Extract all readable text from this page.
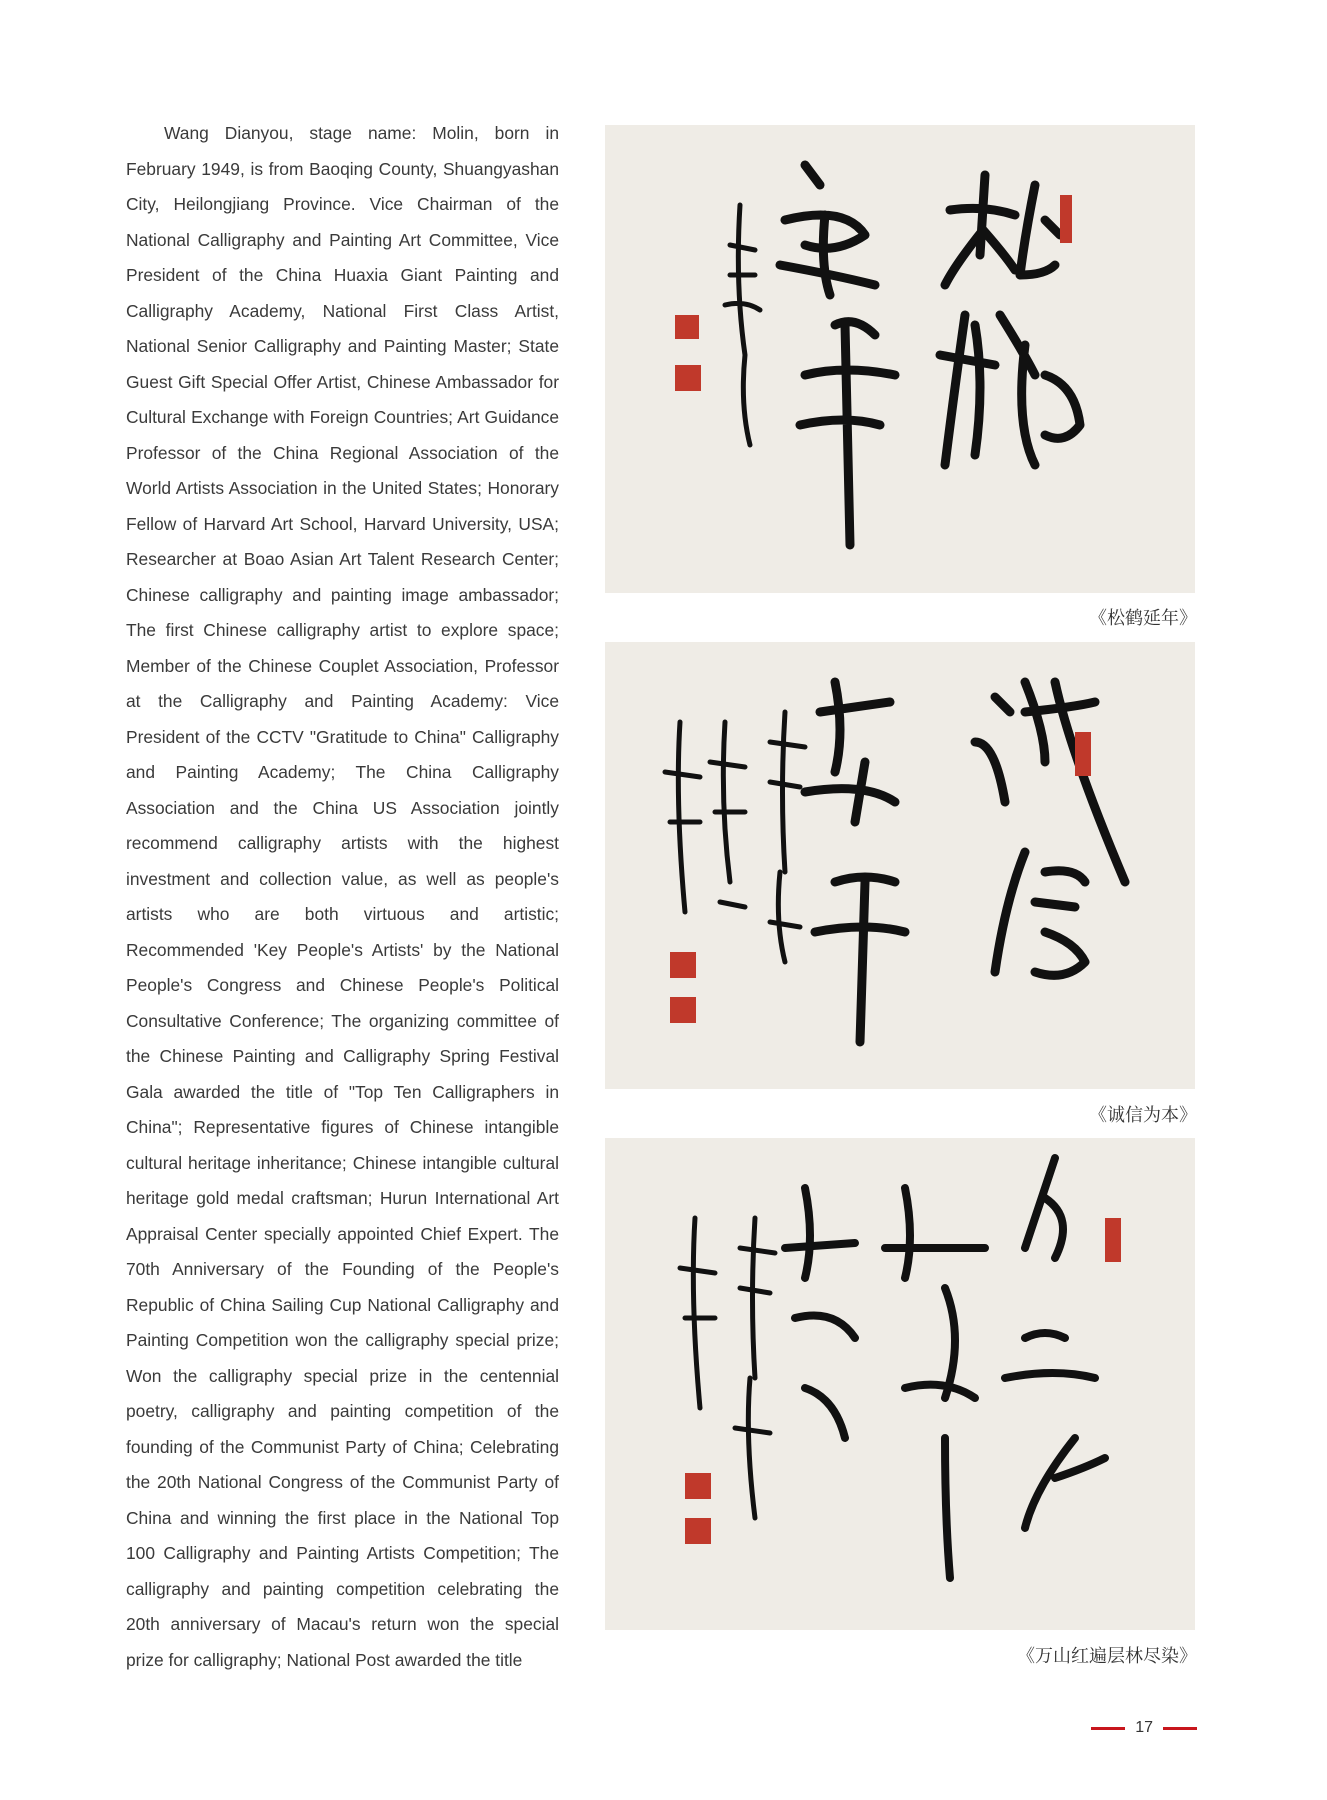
Wang Dianyou, stage name: Molin, born in February 1949, is from Baoqing County, Shuangyashan City, Heilongjiang Province. Vice Chairman of the National Calligraphy and Painting Art Committee, Vice President of the China Huaxia Giant Painting and Calligraphy Academy, National First Class Artist, National Senior Calligraphy and Painting Master; State Guest Gift Special Offer Artist, Chinese Ambassador for Cultural Exchange with Foreign Countries; Art Guidance Professor of the China Regional Association of the World Artists Association in the United States; Honorary Fellow of Harvard Art School, Harvard University, USA; Researcher at Boao Asian Art Talent Research Center; Chinese calligraphy and painting image ambassador; The first Chinese calligraphy artist to explore space; Member of the Chinese Couplet Association, Professor at the Calligraphy and Painting Academy: Vice President of the CCTV "Gratitude to China" Calligraphy and Painting Academy; The China Calligraphy Association and the China US Association jointly recommend calligraphy artists with the highest investment and collection value, as well as people's artists who are both virtuous and artistic; Recommended 'Key People's Artists' by the National People's Congress and Chinese People's Political Consultative Conference; The organizing committee of the Chinese Painting and Calligraphy Spring Festival Gala awarded the title of "Top Ten Calligraphers in China"; Representative figures of Chinese intangible cultural heritage inheritance; Chinese intangible cultural heritage gold medal craftsman; Hurun International Art Appraisal Center specially appointed Chief Expert. The 70th Anniversary of the Founding of the People's Republic of China Sailing Cup National Calligraphy and Painting Competition won the calligraphy special prize; Won the calligraphy special prize in the centennial poetry, calligraphy and painting competition of the founding of the Communist Party of China; Celebrating the 20th National Congress of the Communist Party of China and winning the first place in the National Top 100 Calligraphy and Painting Artists Competition; The calligraphy and painting competition celebrating the 20th anniversary of Macau's return won the special prize for calligraphy; National Post awarded the title

《松鹤延年》
《诚信为本》
《万山红遍层林尽染》
17
